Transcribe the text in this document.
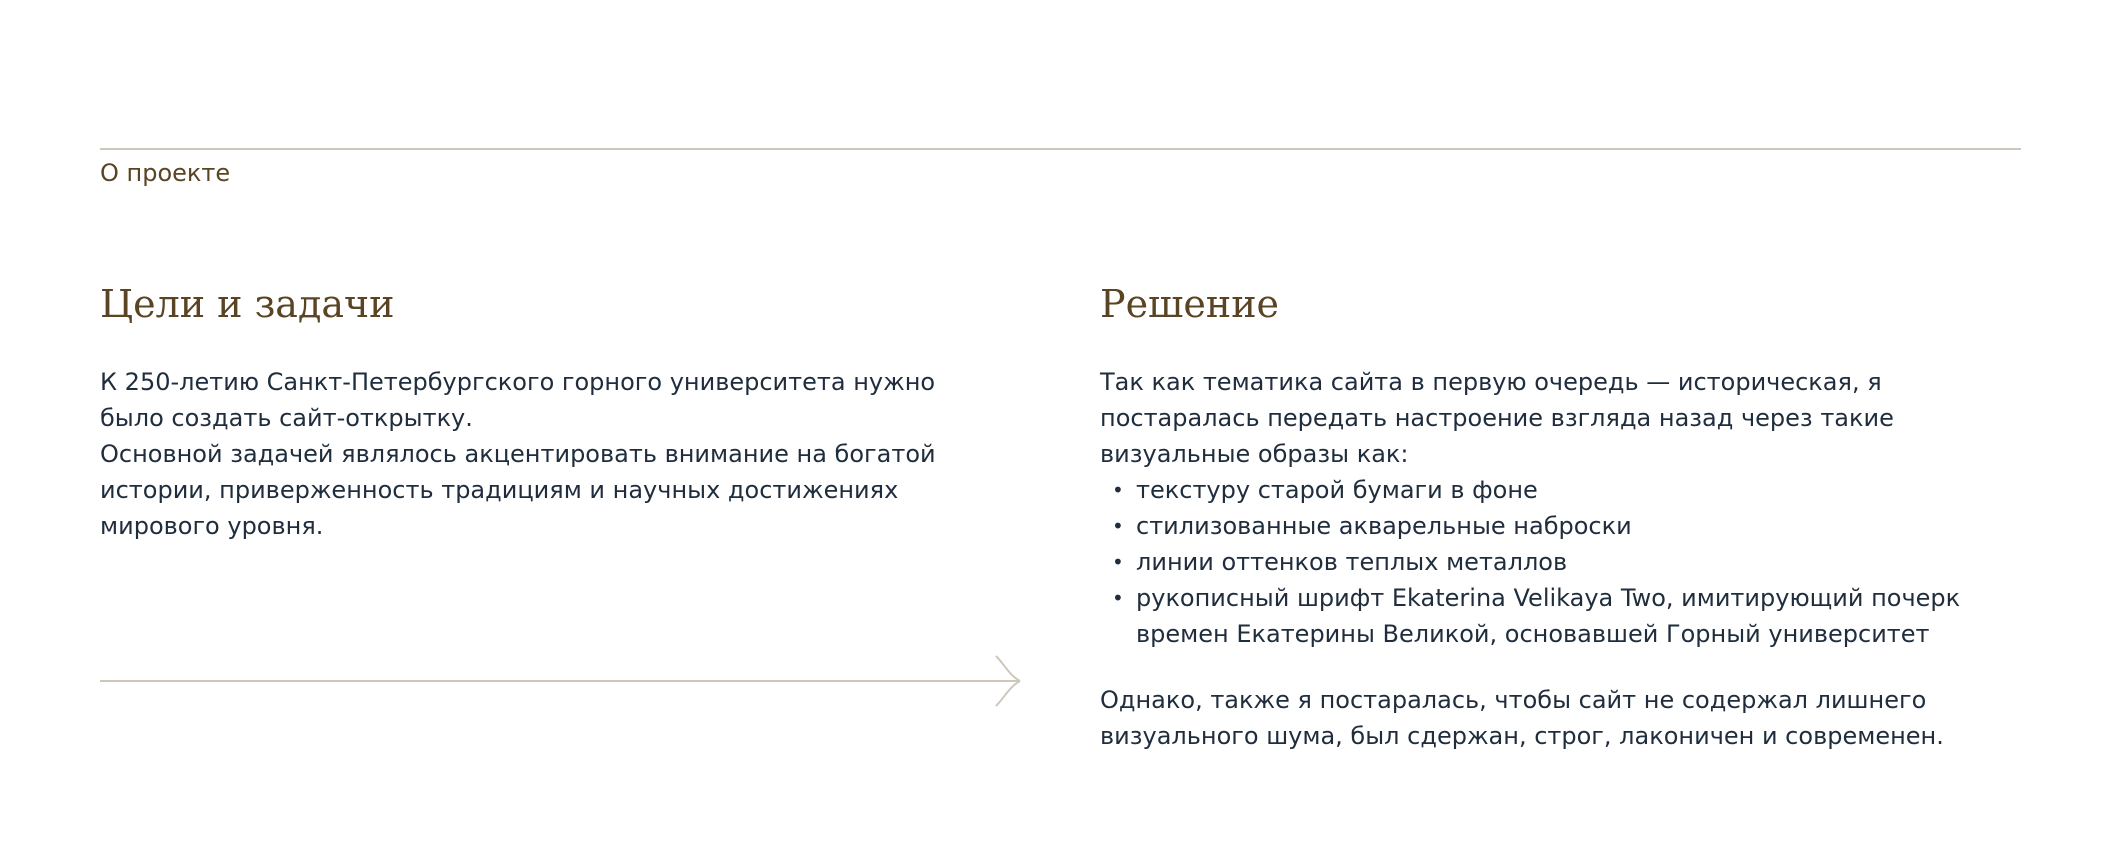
О проекте
Цели и задачи

К 250-летию Санкт-Петербургского горного университета нужно было создать сайт-открытку.

Основной задачей являлось акцентировать внимание на богатой истории, приверженность традициям и научных достижениях мирового уровня.

Решение

Так как тематика сайта в первую очередь — историческая, я постаралась передать настроение взгляда назад через такие визуальные образы как:

• текстуру старой бумаги в фоне
• стилизованные акварельные наброски
• линии оттенков теплых металлов
• рукописный шрифт Ekaterina Velikaya Two, имитирующий почерк времен Екатерины Великой, основавшей Горный университет

Однако, также я постаралась, чтобы сайт не содержал лишнего визуального шума, был сдержан, строг, лаконичен и современен.
